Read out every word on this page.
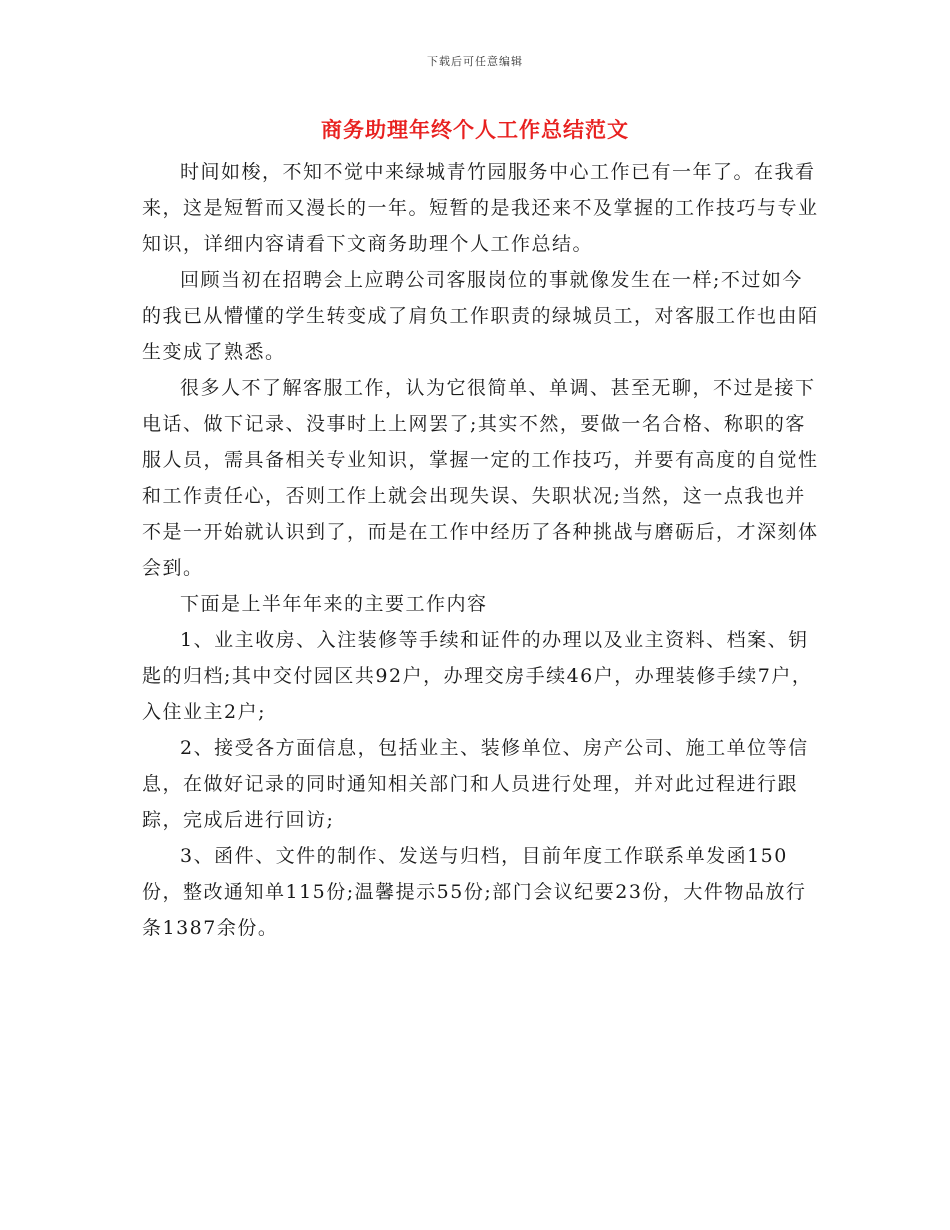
下载后可任意编辑
商务助理年终个人工作总结范文

时间如梭，不知不觉中来绿城青竹园服务中心工作已有一年了。在我看来，这是短暂而又漫长的一年。短暂的是我还来不及掌握的工作技巧与专业知识，详细内容请看下文商务助理个人工作总结。

回顾当初在招聘会上应聘公司客服岗位的事就像发生在一样;不过如今的我已从懵懂的学生转变成了肩负工作职责的绿城员工，对客服工作也由陌生变成了熟悉。

很多人不了解客服工作，认为它很简单、单调、甚至无聊，不过是接下电话、做下记录、没事时上上网罢了;其实不然，要做一名合格、称职的客服人员，需具备相关专业知识，掌握一定的工作技巧，并要有高度的自觉性和工作责任心，否则工作上就会出现失误、失职状况;当然，这一点我也并不是一开始就认识到了，而是在工作中经历了各种挑战与磨砺后，才深刻体会到。

下面是上半年年来的主要工作内容

1、业主收房、入注装修等手续和证件的办理以及业主资料、档案、钥匙的归档;其中交付园区共92户，办理交房手续46户，办理装修手续7户，入住业主2户;

2、接受各方面信息，包括业主、装修单位、房产公司、施工单位等信息，在做好记录的同时通知相关部门和人员进行处理，并对此过程进行跟踪，完成后进行回访;

3、函件、文件的制作、发送与归档，目前年度工作联系单发函150份，整改通知单115份;温馨提示55份;部门会议纪要23份，大件物品放行条1387余份。
